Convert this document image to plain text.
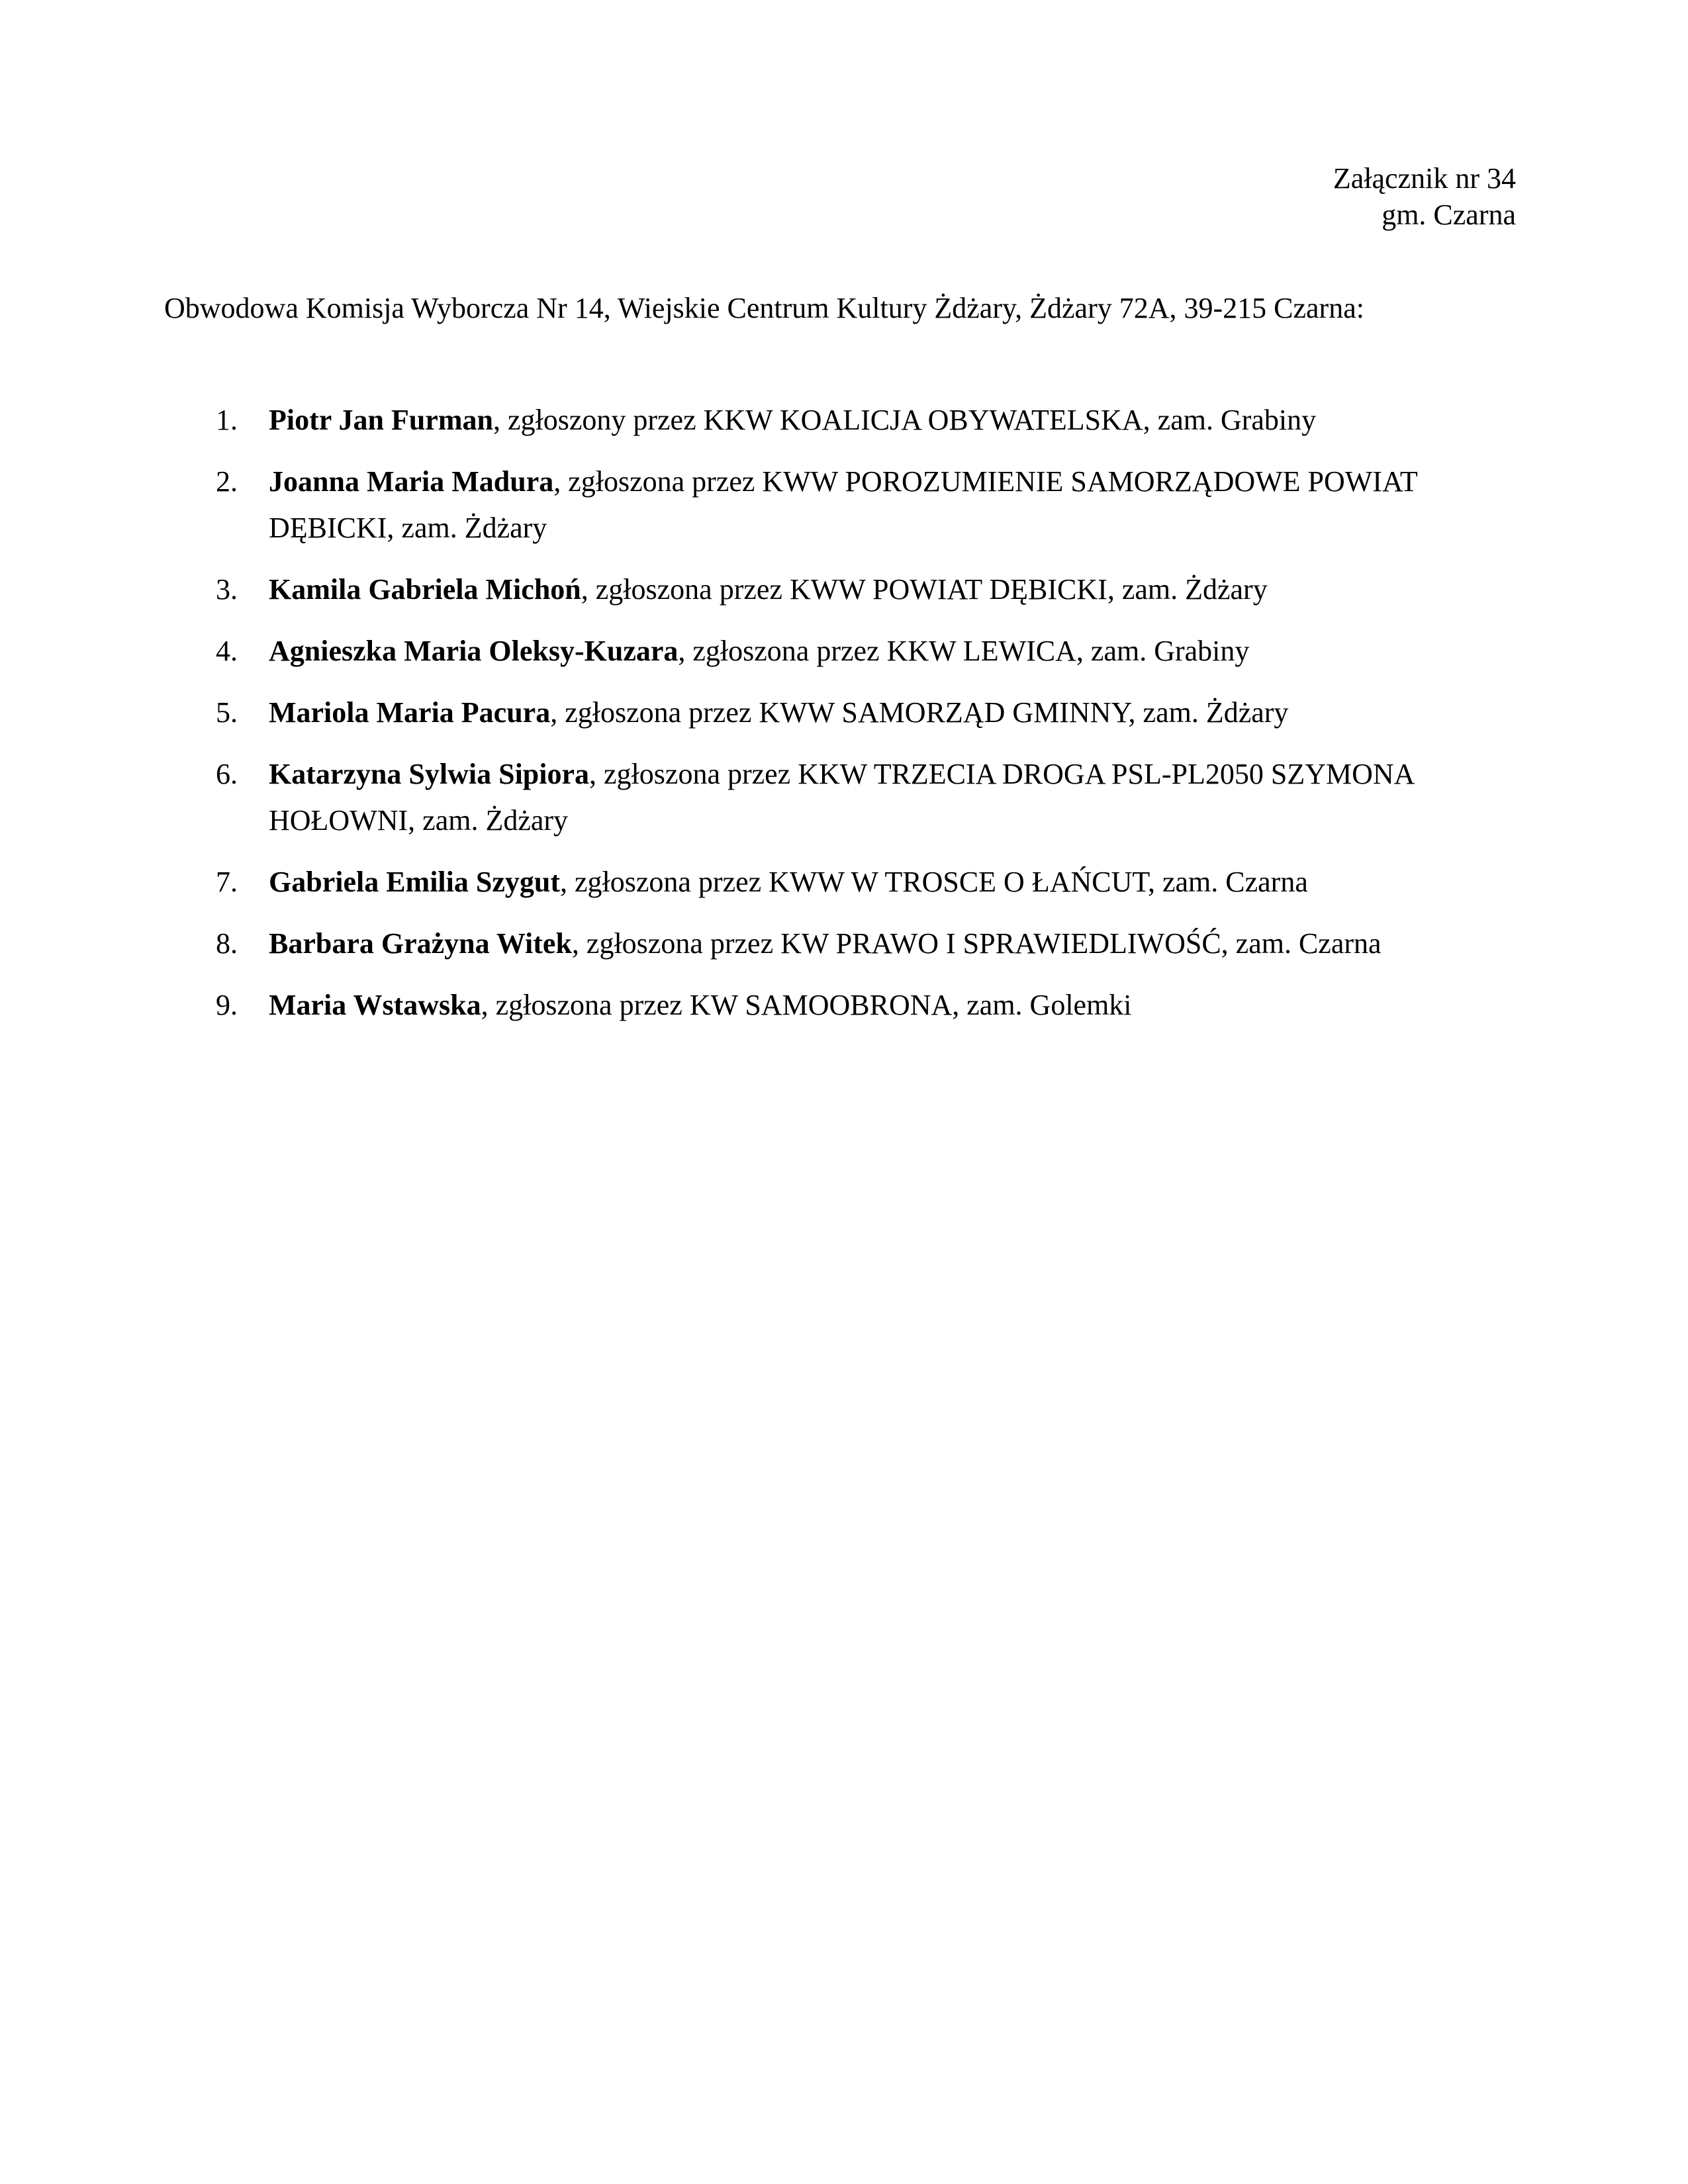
Załącznik nr 34
gm. Czarna
Obwodowa Komisja Wyborcza Nr 14, Wiejskie Centrum Kultury Żdżary, Żdżary 72A, 39-215 Czarna:
1.	Piotr Jan Furman, zgłoszony przez KKW KOALICJA OBYWATELSKA, zam. Grabiny
2.	Joanna Maria Madura, zgłoszona przez KWW POROZUMIENIE SAMORZĄDOWE POWIAT DĘBICKI, zam. Żdżary
3.	Kamila Gabriela Michoń, zgłoszona przez KWW POWIAT DĘBICKI, zam. Żdżary
4.	Agnieszka Maria Oleksy-Kuzara, zgłoszona przez KKW LEWICA, zam. Grabiny
5.	Mariola Maria Pacura, zgłoszona przez KWW SAMORZĄD GMINNY, zam. Żdżary
6.	Katarzyna Sylwia Sipiora, zgłoszona przez KKW TRZECIA DROGA PSL-PL2050 SZYMONA HOŁOWNI, zam. Żdżary
7.	Gabriela Emilia Szygut, zgłoszona przez KWW W TROSCE O ŁAŃCUT, zam. Czarna
8.	Barbara Grażyna Witek, zgłoszona przez KW PRAWO I SPRAWIEDLIWOŚĆ, zam. Czarna
9.	Maria Wstawska, zgłoszona przez KW SAMOOBRONA, zam. Golemki
